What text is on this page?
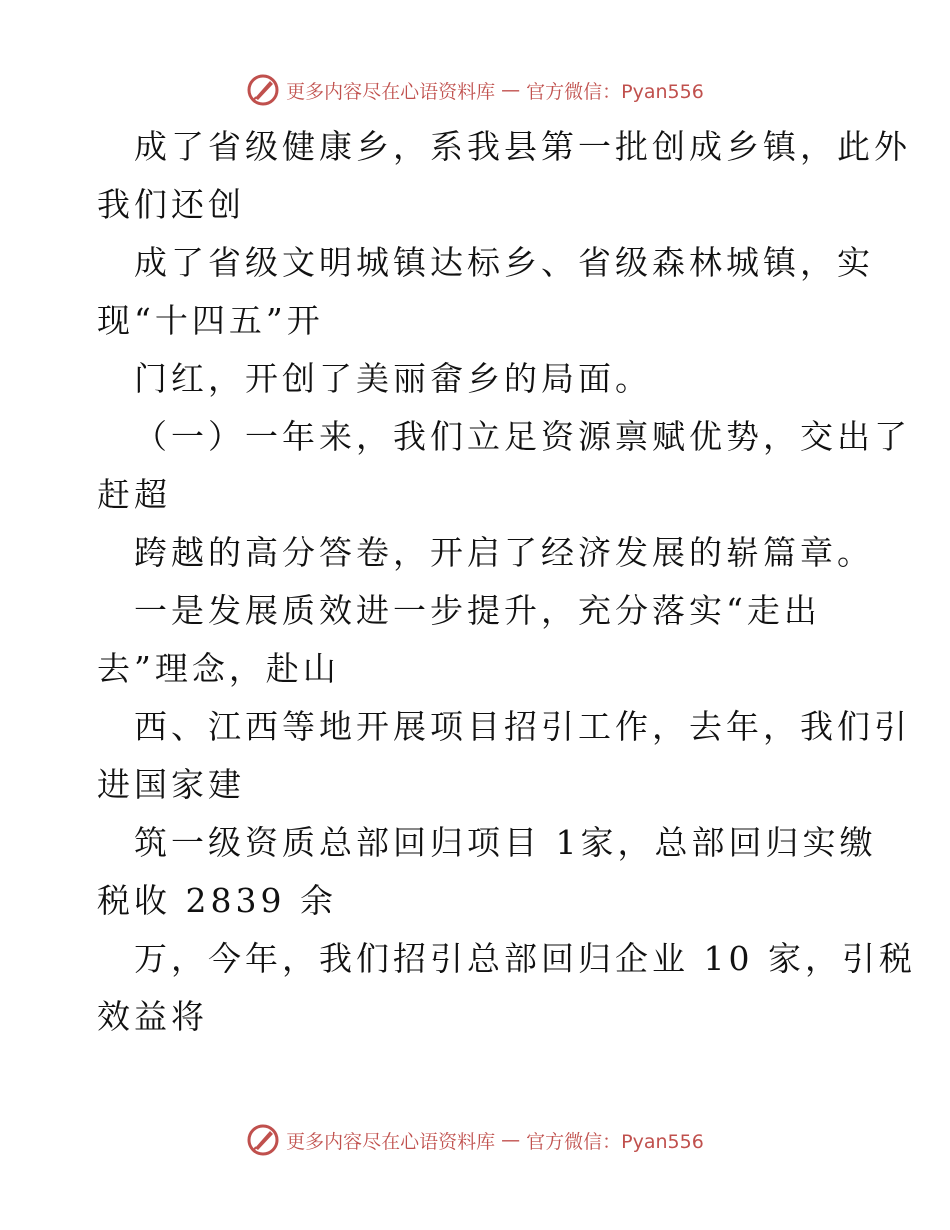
更多内容尽在心语资料库 — 官方微信：Pyan556
成了省级健康乡，系我县第一批创成乡镇，此外
我们还创
成了省级文明城镇达标乡、省级森林城镇，实
现“十四五”开
门红，开创了美丽畲乡的局面。
（一）一年来，我们立足资源禀赋优势，交出了
赶超
跨越的高分答卷，开启了经济发展的崭篇章。
一是发展质效进一步提升，充分落实“走出
去”理念，赴山
西、江西等地开展项目招引工作，去年，我们引
进国家建
筑一级资质总部回归项目 1家，总部回归实缴
税收 2839 余
万，今年，我们招引总部回归企业 10 家，引税
效益将
更多内容尽在心语资料库 — 官方微信：Pyan556
